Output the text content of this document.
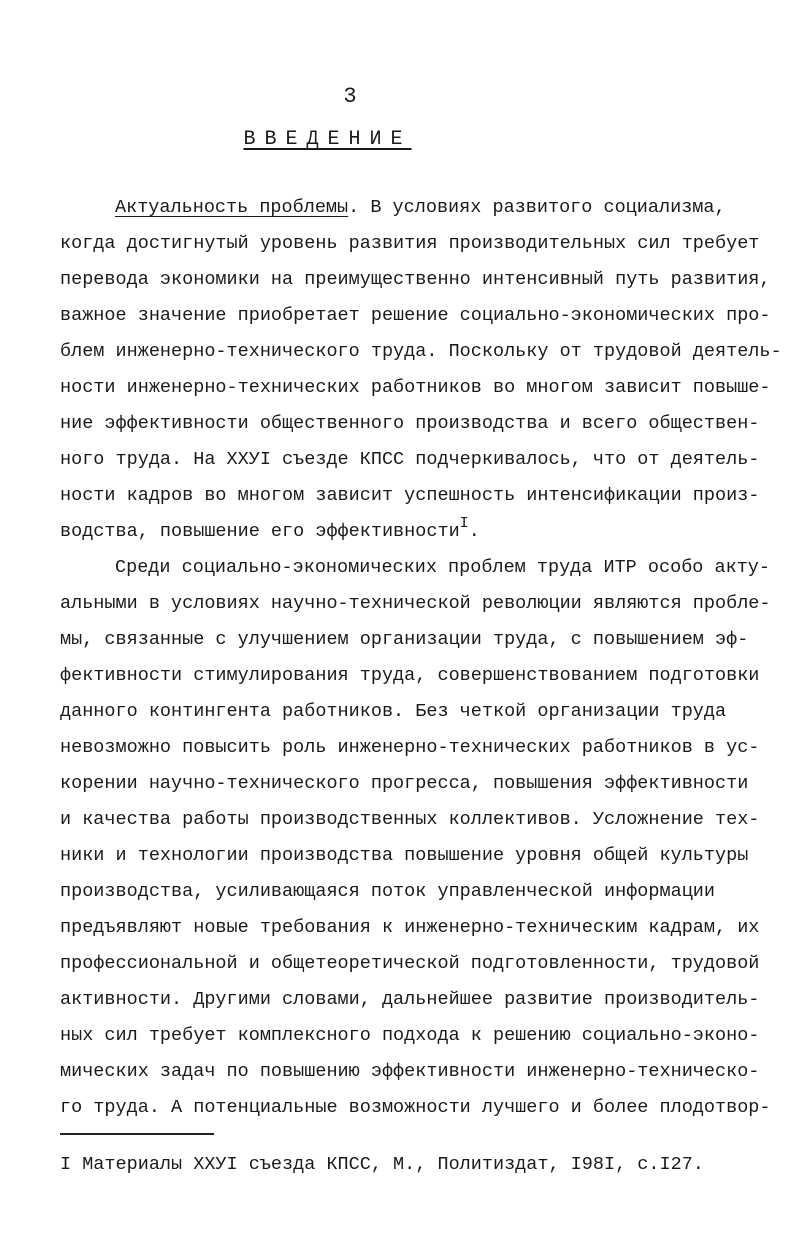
3
ВВЕДЕНИЕ
Актуальность проблемы. В условиях развитого социализма,
когда достигнутый уровень развития производительных сил требует
перевода экономики на преимущественно интенсивный путь развития,
важное значение приобретает решение социально-экономических про-
блем инженерно-технического труда. Поскольку от трудовой деятель-
ности инженерно-технических работников во многом зависит повыше-
ние эффективности общественного производства и всего обществен-
ного труда. На XXУI съезде КПСС подчеркивалось, что от деятель-
ности кадров во многом зависит успешность интенсификации произ-
водства, повышение его эффективности$^I$.
Среди социально-экономических проблем труда ИТР особо акту-
альными в условиях научно-технической революции являются пробле-
мы, связанные с улучшением организации труда, с повышением эф-
фективности стимулирования труда, совершенствованием подготовки
данного контингента работников. Без четкой организации труда
невозможно повысить роль инженерно-технических работников в ус-
корении научно-технического прогресса, повышения эффективности
и качества работы производственных коллективов. Усложнение тех-
ники и технологии производства повышение уровня общей культуры
производства, усиливающаяся поток управленческой информации
предъявляют новые требования к инженерно-техническим кадрам, их
профессиональной и общетеоретической подготовленности, трудовой
активности. Другими словами, дальнейшее развитие производитель-
ных сил требует комплексного подхода к решению социально-эконо-
мических задач по повышению эффективности инженерно-техническо-
го труда. А потенциальные возможности лучшего и более плодотвор-
I Материалы XXУI съезда КПСС, М., Политиздат, I98I, с.I27.
